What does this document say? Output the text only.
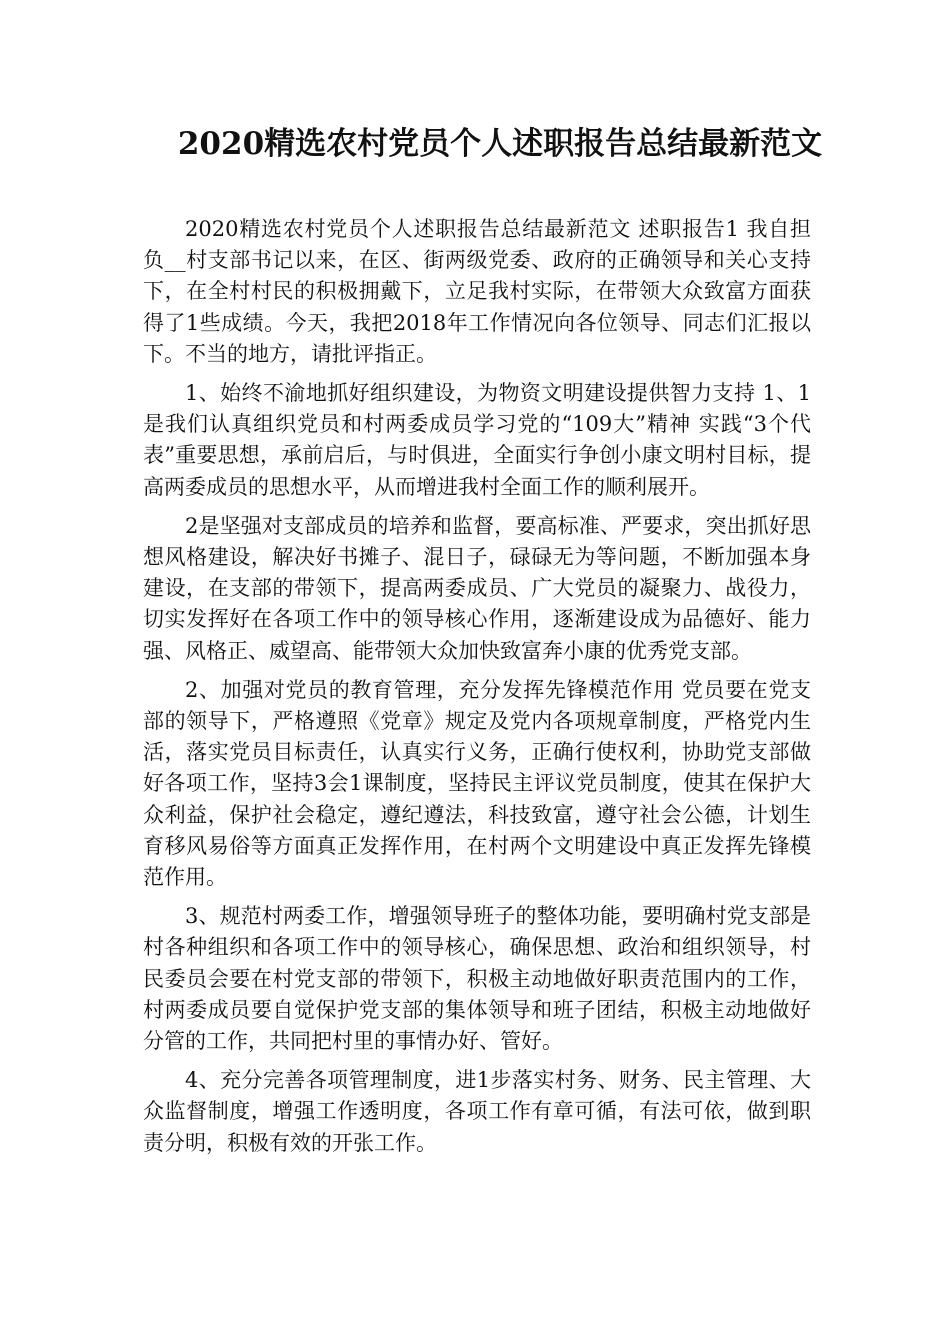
2020精选农村党员个人述职报告总结最新范文

2020精选农村党员个人述职报告总结最新范文 述职报告1 我自担负__村支部书记以来，在区、街两级党委、政府的正确领导和关心支持下，在全村村民的积极拥戴下，立足我村实际，在带领大众致富方面获得了1些成绩。今天，我把2018年工作情况向各位领导、同志们汇报以下。不当的地方，请批评指正。

1、始终不渝地抓好组织建设，为物资文明建设提供智力支持 1、1是我们认真组织党员和村两委成员学习党的“109大”精神 实践“3个代表”重要思想，承前启后，与时俱进，全面实行争创小康文明村目标，提高两委成员的思想水平，从而增进我村全面工作的顺利展开。

2是坚强对支部成员的培养和监督，要高标准、严要求，突出抓好思想风格建设，解决好书摊子、混日子，碌碌无为等问题，不断加强本身建设，在支部的带领下，提高两委成员、广大党员的凝聚力、战役力，切实发挥好在各项工作中的领导核心作用，逐渐建设成为品德好、能力强、风格正、威望高、能带领大众加快致富奔小康的优秀党支部。

2、加强对党员的教育管理，充分发挥先锋模范作用 党员要在党支部的领导下，严格遵照《党章》规定及党内各项规章制度，严格党内生活，落实党员目标责任，认真实行义务，正确行使权利，协助党支部做好各项工作，坚持3会1课制度，坚持民主评议党员制度，使其在保护大众利益，保护社会稳定，遵纪遵法，科技致富，遵守社会公德，计划生育移风易俗等方面真正发挥作用，在村两个文明建设中真正发挥先锋模范作用。

3、规范村两委工作，增强领导班子的整体功能，要明确村党支部是 村各种组织和各项工作中的领导核心，确保思想、政治和组织领导，村民委员会要在村党支部的带领下，积极主动地做好职责范围内的工作，村两委成员要自觉保护党支部的集体领导和班子团结，积极主动地做好分管的工作，共同把村里的事情办好、管好。

4、充分完善各项管理制度，进1步落实村务、财务、民主管理、大众监督制度，增强工作透明度，各项工作有章可循，有法可依，做到职责分明，积极有效的开张工作。
